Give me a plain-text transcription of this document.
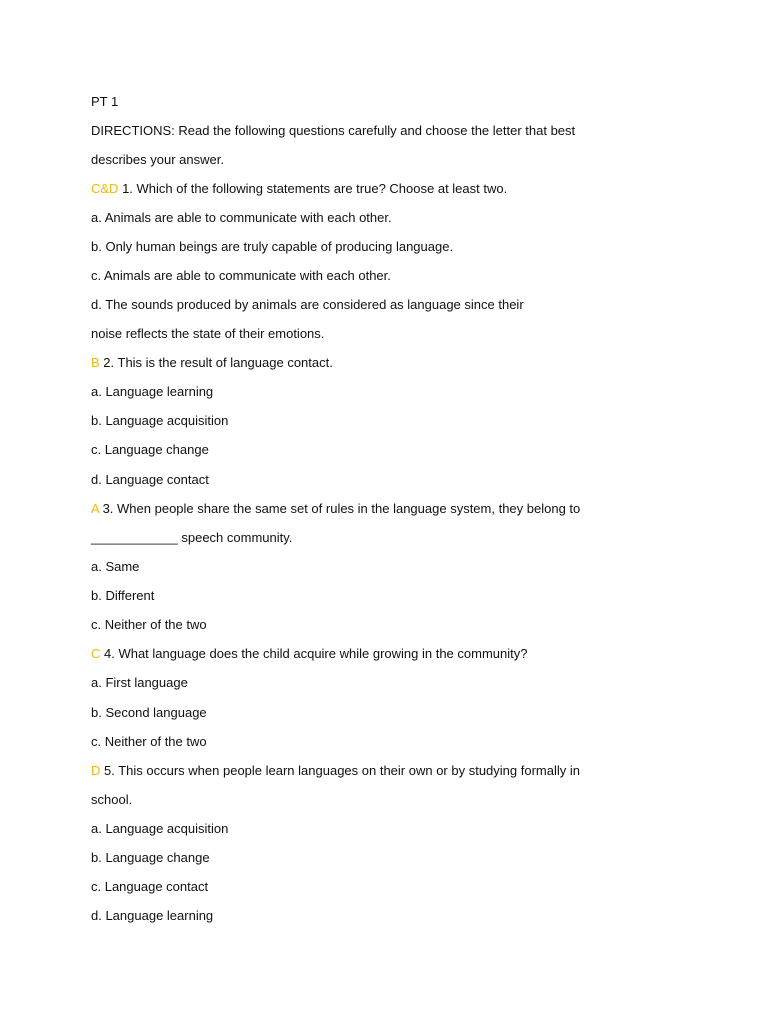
PT 1
DIRECTIONS: Read the following questions carefully and choose the letter that best
describes your answer.
C&D 1. Which of the following statements are true? Choose at least two.
a. Animals are able to communicate with each other.
b. Only human beings are truly capable of producing language.
c. Animals are able to communicate with each other.
d. The sounds produced by animals are considered as language since their
noise reflects the state of their emotions.
B 2. This is the result of language contact.
a. Language learning
b. Language acquisition
c. Language change
d. Language contact
A 3. When people share the same set of rules in the language system, they belong to
____________ speech community.
a. Same
b. Different
c. Neither of the two
C 4. What language does the child acquire while growing in the community?
a. First language
b. Second language
c. Neither of the two
D 5. This occurs when people learn languages on their own or by studying formally in
school.
a. Language acquisition
b. Language change
c. Language contact
d. Language learning
